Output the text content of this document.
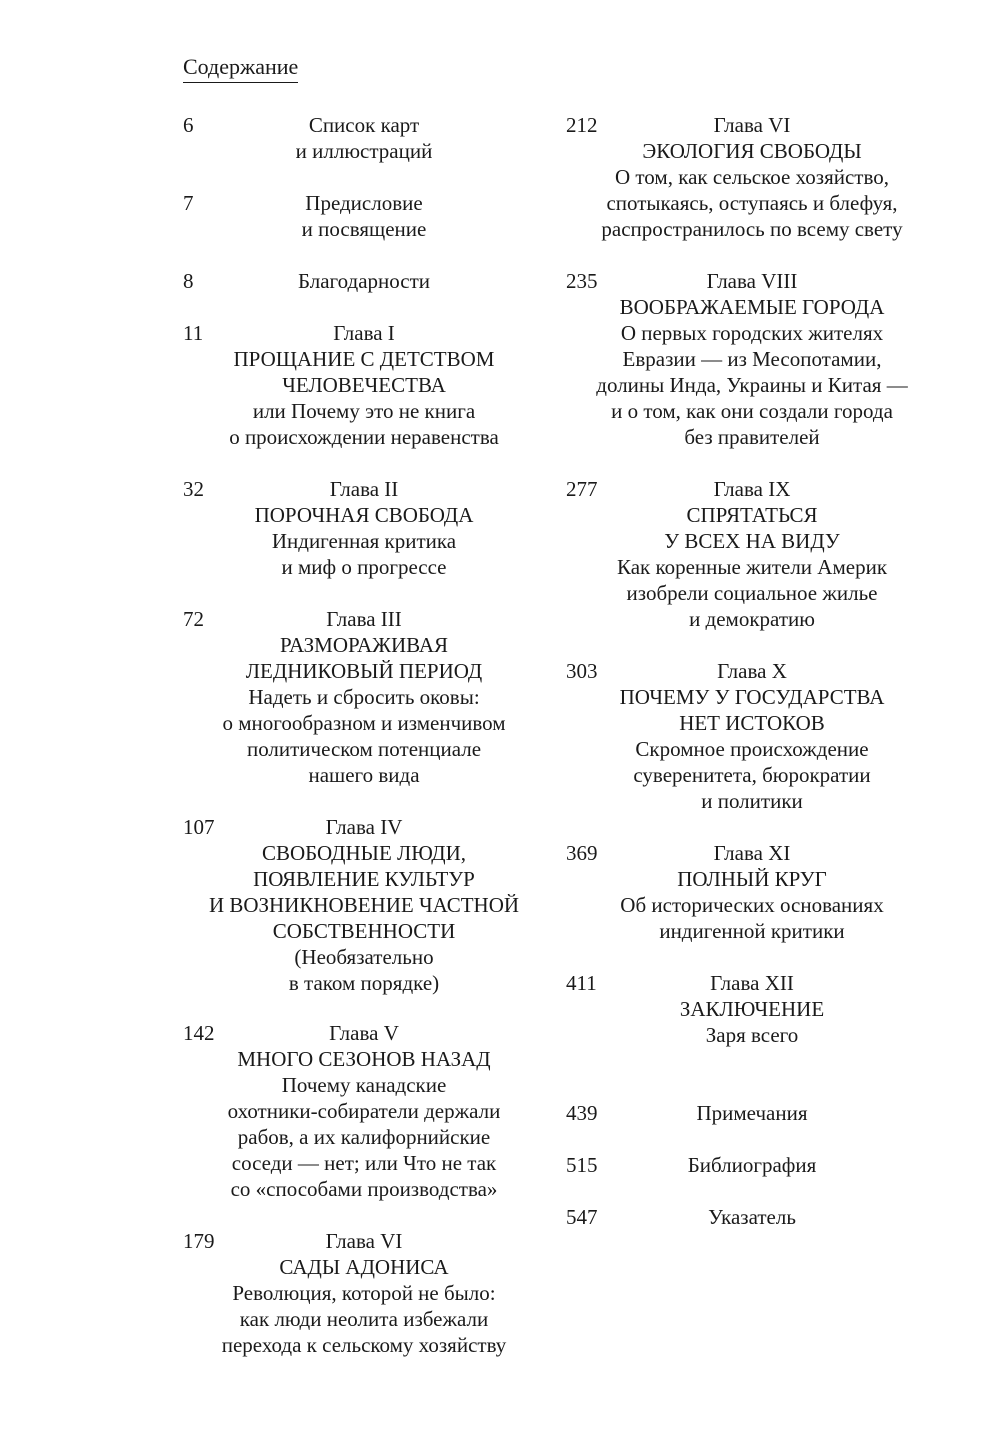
Содержание
6	Список карт
и иллюстраций
7	Предисловие
и посвящение
8	Благодарности
11	Глава I
ПРОЩАНИЕ С ДЕТСТВОМ
ЧЕЛОВЕЧЕСТВА
или Почему это не книга
о происхождении неравенства
32	Глава II
ПОРОЧНАЯ СВОБОДА
Индигенная критика
и миф о прогрессе
72	Глава III
РАЗМОРАЖИВАЯ
ЛЕДНИКОВЫЙ ПЕРИОД
Надеть и сбросить оковы:
о многообразном и изменчивом
политическом потенциале
нашего вида
107	Глава IV
СВОБОДНЫЕ ЛЮДИ,
ПОЯВЛЕНИЕ КУЛЬТУР
И ВОЗНИКНОВЕНИЕ ЧАСТНОЙ
СОБСТВЕННОСТИ
(Необязательно
в таком порядке)
142	Глава V
МНОГО СЕЗОНОВ НАЗАД
Почему канадские
охотники-собиратели держали
рабов, а их калифорнийские
соседи — нет; или Что не так
со «способами производства»
179	Глава VI
САДЫ АДОНИСА
Революция, которой не было:
как люди неолита избежали
перехода к сельскому хозяйству
212	Глава VI
ЭКОЛОГИЯ СВОБОДЫ
О том, как сельское хозяйство,
спотыкаясь, оступаясь и блефуя,
распространилось по всему свету
235	Глава VIII
ВООБРАЖАЕМЫЕ ГОРОДА
О первых городских жителях
Евразии — из Месопотамии,
долины Инда, Украины и Китая —
и о том, как они создали города
без правителей
277	Глава IX
СПРЯТАТЬСЯ
У ВСЕХ НА ВИДУ
Как коренные жители Америк
изобрели социальное жилье
и демократию
303	Глава X
ПОЧЕМУ У ГОСУДАРСТВА
НЕТ ИСТОКОВ
Скромное происхождение
суверенитета, бюрократии
и политики
369	Глава XI
ПОЛНЫЙ КРУГ
Об исторических основаниях
индигенной критики
411	Глава XII
ЗАКЛЮЧЕНИЕ
Заря всего
439	Примечания
515	Библиография
547	Указатель
